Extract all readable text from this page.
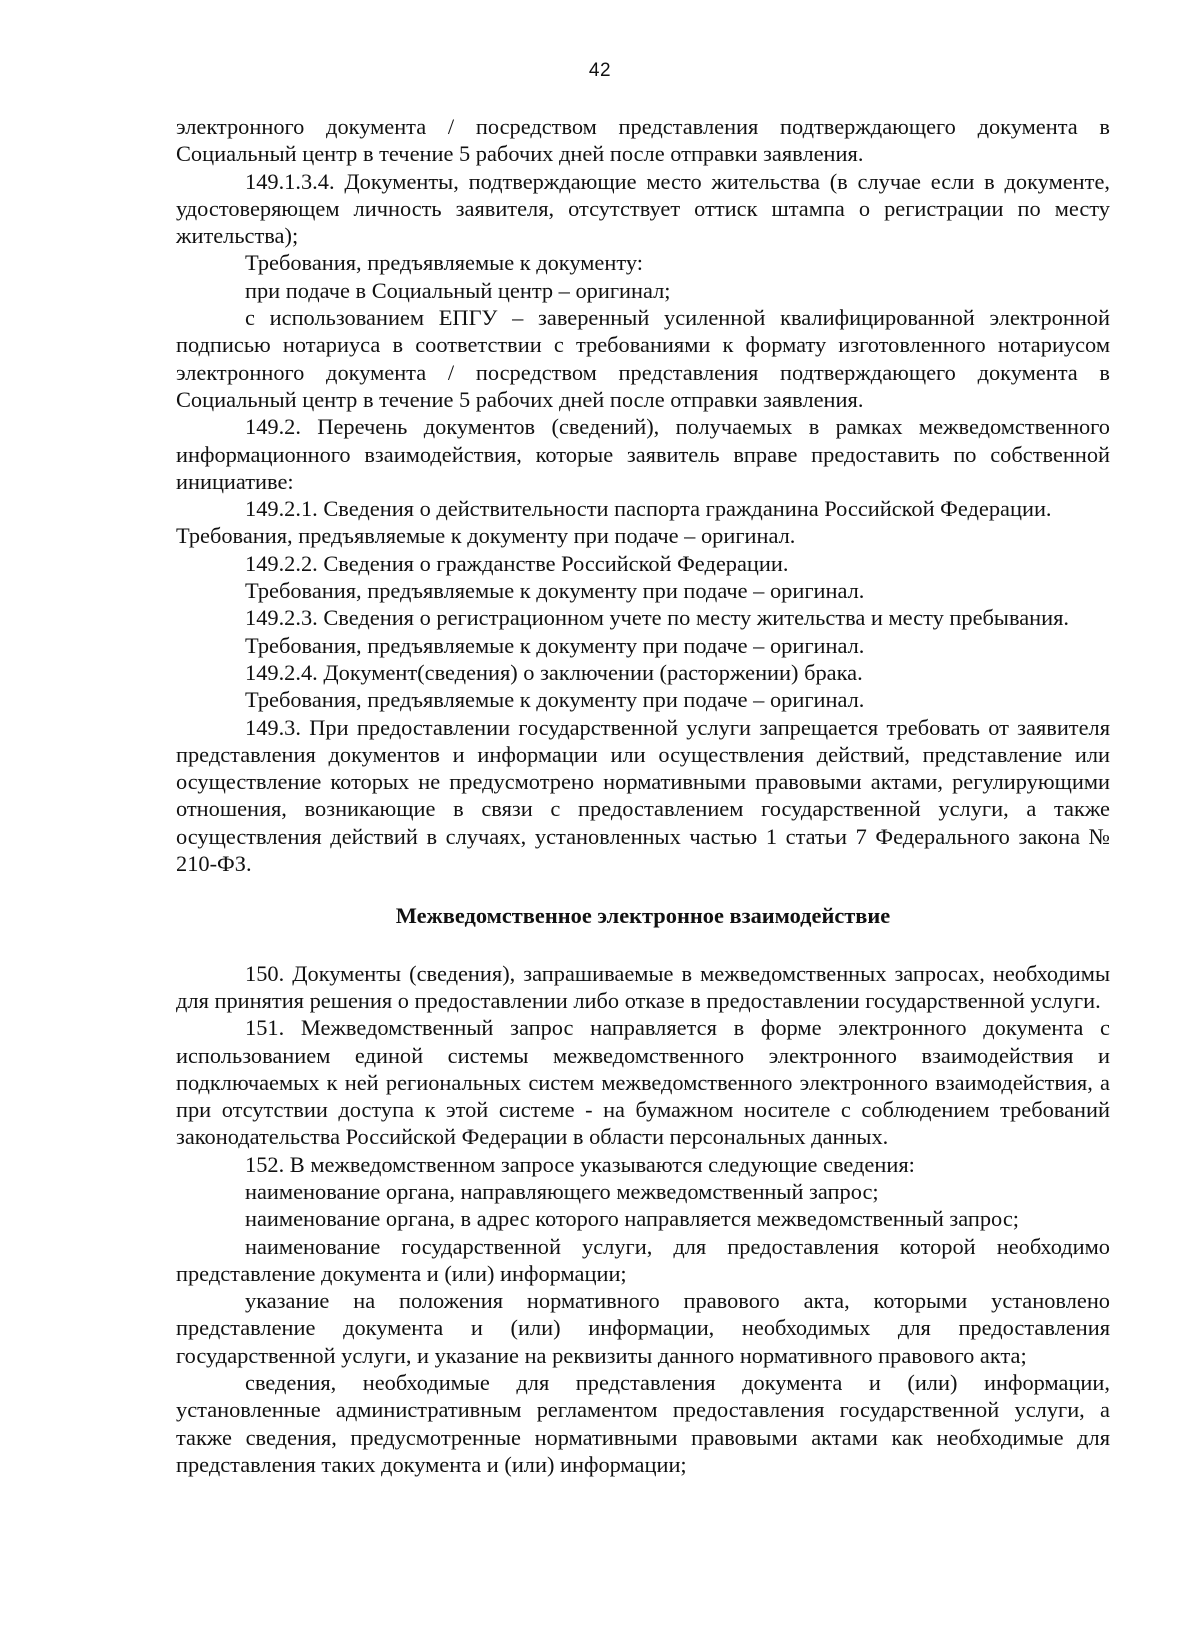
42

электронного документа / посредством представления подтверждающего документа в Социальный центр в течение 5 рабочих дней после отправки заявления.

149.1.3.4. Документы, подтверждающие место жительства (в случае если в документе, удостоверяющем личность заявителя, отсутствует оттиск штампа о регистрации по месту жительства);

Требования, предъявляемые к документу:

при подаче в Социальный центр – оригинал;

с использованием ЕПГУ – заверенный усиленной квалифицированной электронной подписью нотариуса в соответствии с требованиями к формату изготовленного нотариусом электронного документа / посредством представления подтверждающего документа в Социальный центр в течение 5 рабочих дней после отправки заявления.

149.2. Перечень документов (сведений), получаемых в рамках межведомственного информационного взаимодействия, которые заявитель вправе предоставить по собственной инициативе:

149.2.1. Сведения о действительности паспорта гражданина Российской Федерации.

Требования, предъявляемые к документу при подаче – оригинал.

149.2.2. Сведения о гражданстве Российской Федерации.

Требования, предъявляемые к документу при подаче – оригинал.

149.2.3. Сведения о регистрационном учете по месту жительства и месту пребывания.

Требования, предъявляемые к документу при подаче – оригинал.

149.2.4. Документ(сведения) о заключении (расторжении) брака.

Требования, предъявляемые к документу при подаче – оригинал.

149.3. При предоставлении государственной услуги запрещается требовать от заявителя представления документов и информации или осуществления действий, представление или осуществление которых не предусмотрено нормативными правовыми актами, регулирующими отношения, возникающие в связи с предоставлением государственной услуги, а также осуществления действий в случаях, установленных частью 1 статьи 7 Федерального закона № 210-ФЗ.

Межведомственное электронное взаимодействие

150. Документы (сведения), запрашиваемые в межведомственных запросах, необходимы для принятия решения о предоставлении либо отказе в предоставлении государственной услуги.

151. Межведомственный запрос направляется в форме электронного документа с использованием единой системы межведомственного электронного взаимодействия и подключаемых к ней региональных систем межведомственного электронного взаимодействия, а при отсутствии доступа к этой системе - на бумажном носителе с соблюдением требований законодательства Российской Федерации в области персональных данных.

152. В межведомственном запросе указываются следующие сведения:

наименование органа, направляющего межведомственный запрос;

наименование органа, в адрес которого направляется межведомственный запрос;

наименование государственной услуги, для предоставления которой необходимо представление документа и (или) информации;

указание на положения нормативного правового акта, которыми установлено представление документа и (или) информации, необходимых для предоставления государственной услуги, и указание на реквизиты данного нормативного правового акта;

сведения, необходимые для представления документа и (или) информации, установленные административным регламентом предоставления государственной услуги, а также сведения, предусмотренные нормативными правовыми актами как необходимые для представления таких документа и (или) информации;
